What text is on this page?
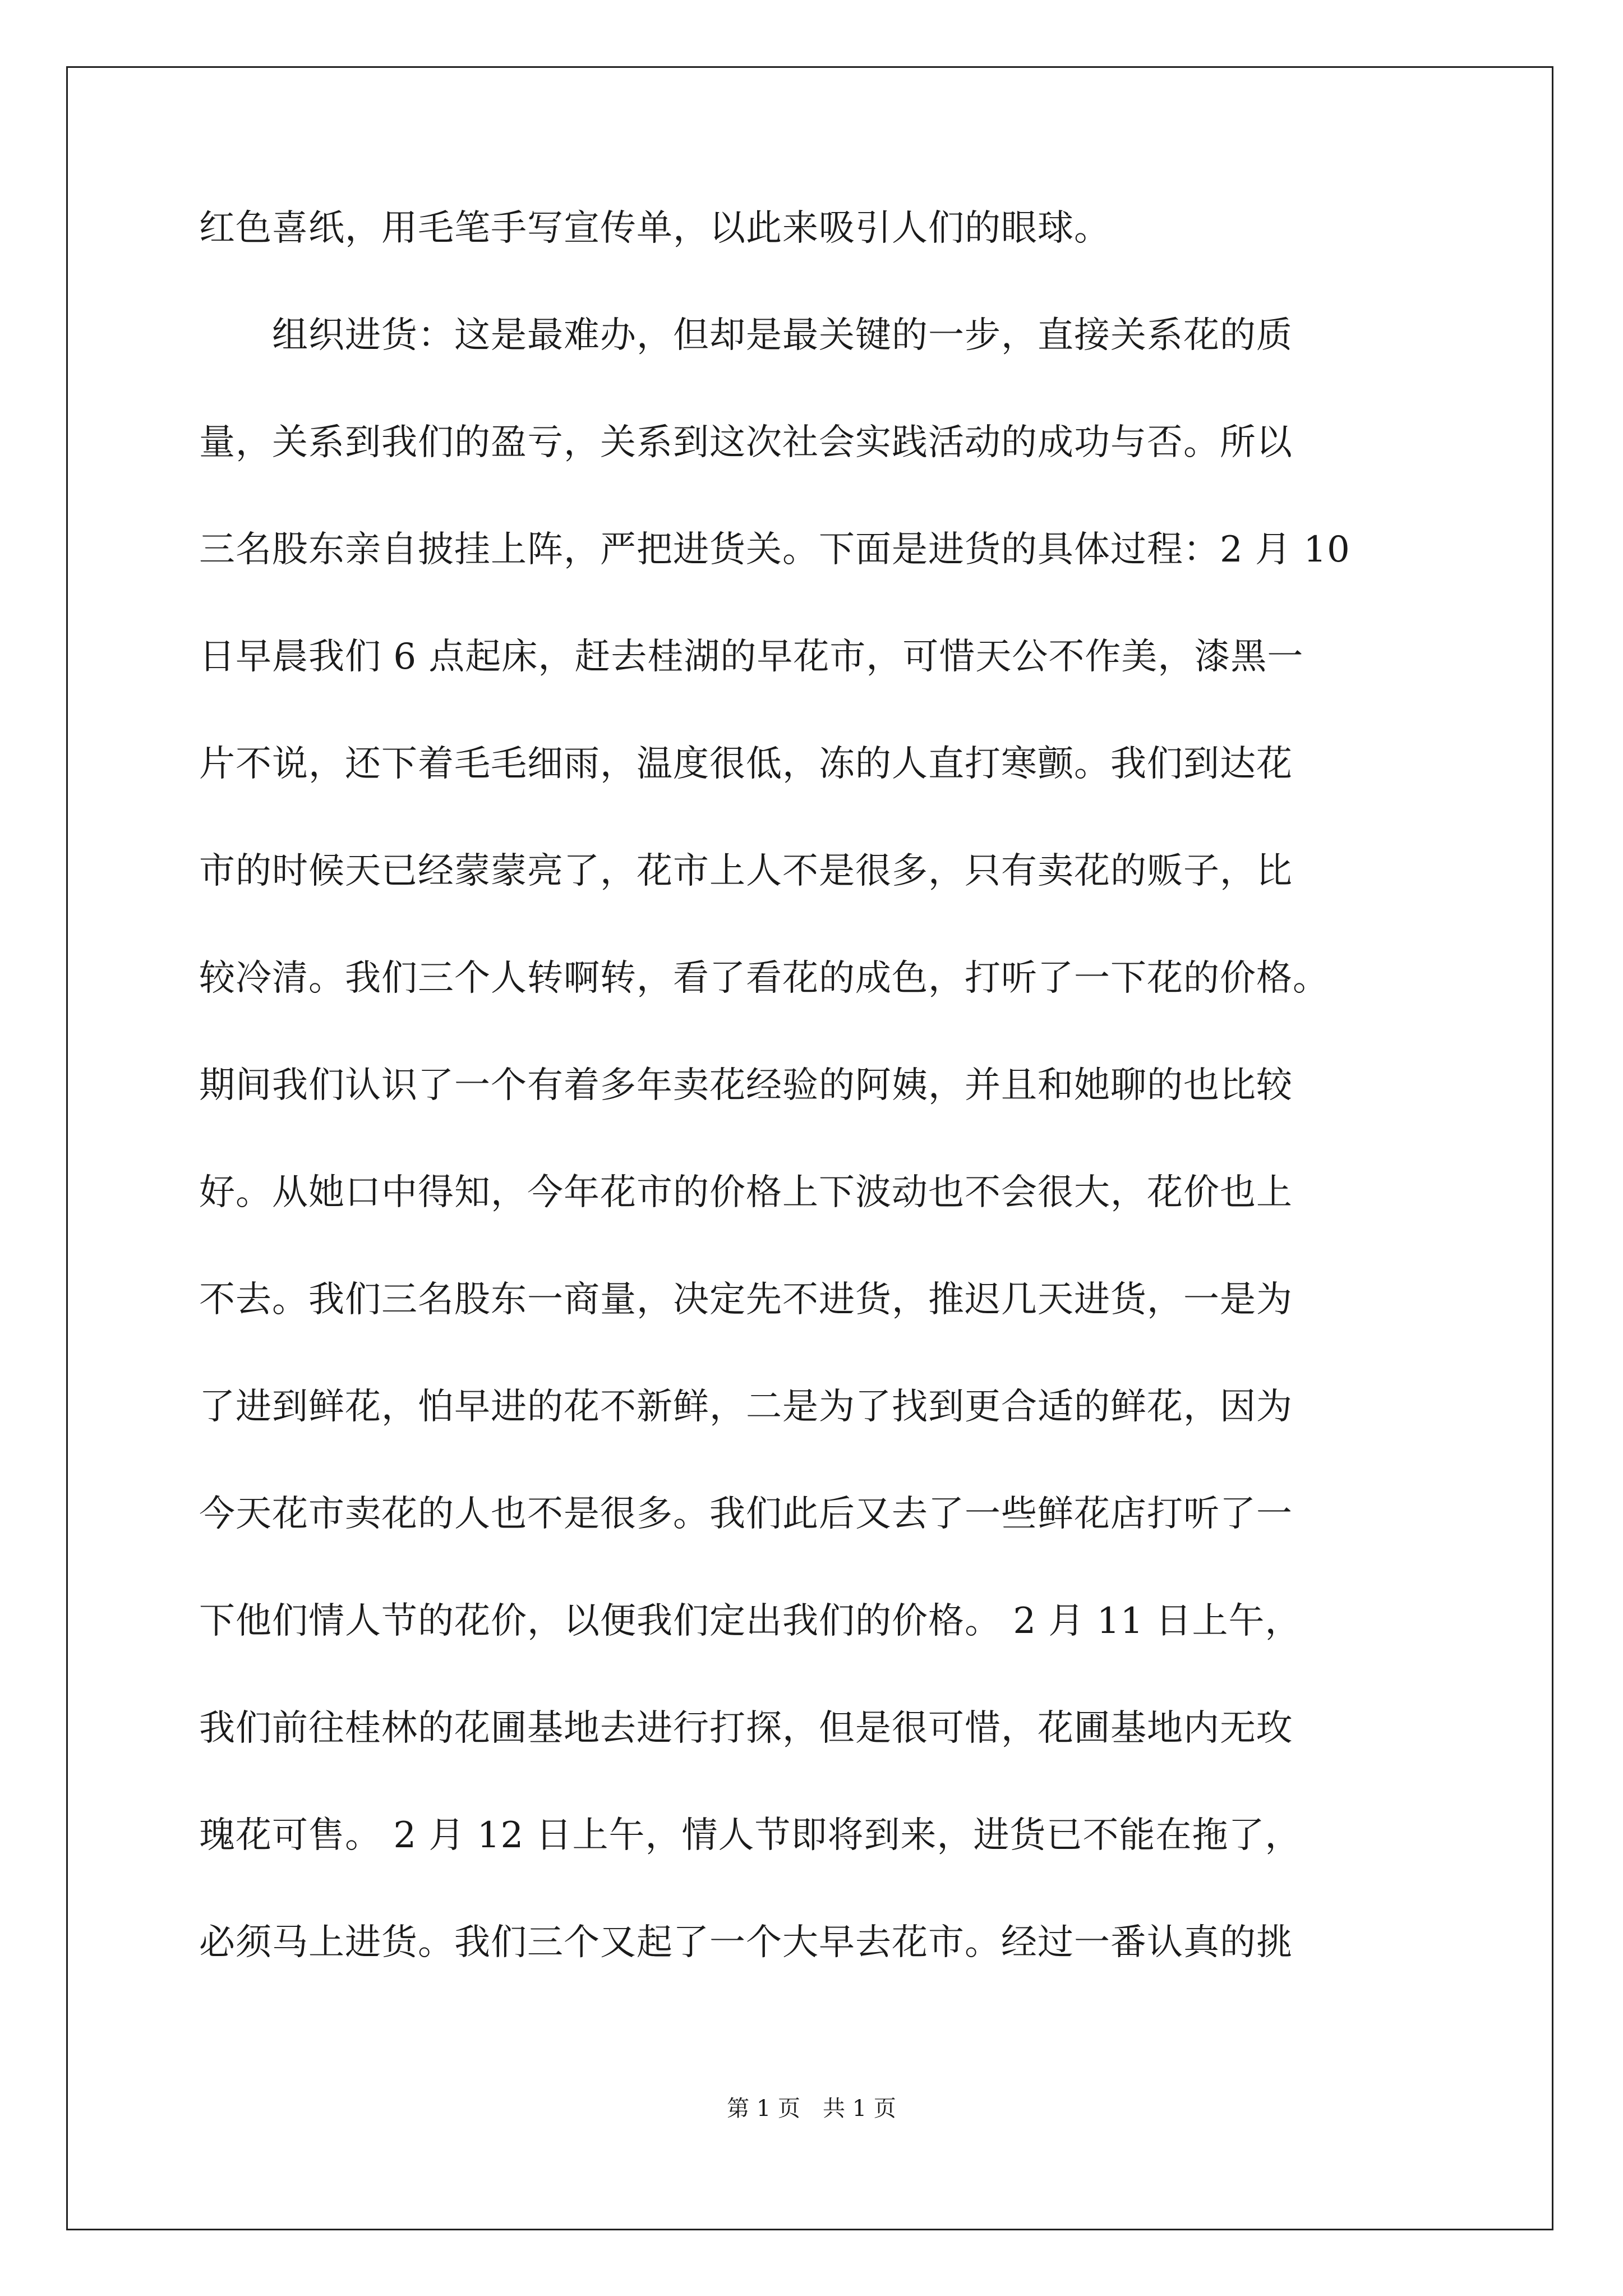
红色喜纸，用毛笔手写宣传单，以此来吸引人们的眼球。

　　组织进货：这是最难办，但却是最关键的一步，直接关系花的质

量，关系到我们的盈亏，关系到这次社会实践活动的成功与否。所以

三名股东亲自披挂上阵，严把进货关。下面是进货的具体过程：2 月 10

日早晨我们 6 点起床，赶去桂湖的早花市，可惜天公不作美，漆黑一

片不说，还下着毛毛细雨，温度很低，冻的人直打寒颤。我们到达花

市的时候天已经蒙蒙亮了，花市上人不是很多，只有卖花的贩子，比

较冷清。我们三个人转啊转，看了看花的成色，打听了一下花的价格。

期间我们认识了一个有着多年卖花经验的阿姨，并且和她聊的也比较

好。从她口中得知，今年花市的价格上下波动也不会很大，花价也上

不去。我们三名股东一商量，决定先不进货，推迟几天进货，一是为

了进到鲜花，怕早进的花不新鲜，二是为了找到更合适的鲜花，因为

今天花市卖花的人也不是很多。我们此后又去了一些鲜花店打听了一

下他们情人节的花价，以便我们定出我们的价格。 2 月 11 日上午，

我们前往桂林的花圃基地去进行打探，但是很可惜，花圃基地内无玫

瑰花可售。 2 月 12 日上午，情人节即将到来，进货已不能在拖了，

必须马上进货。我们三个又起了一个大早去花市。经过一番认真的挑

第 1 页 共 1 页
